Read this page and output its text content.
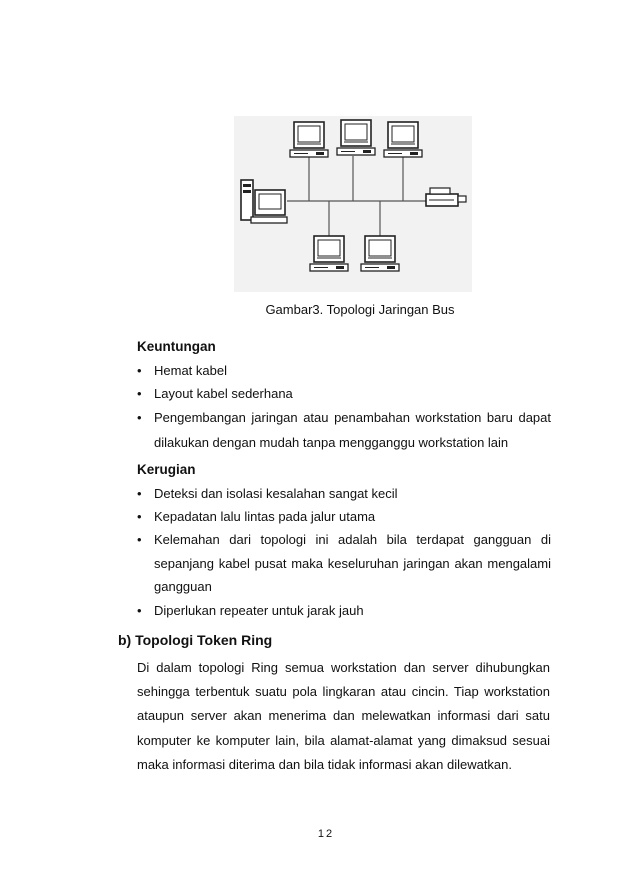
Gambar3. Topologi Jaringan Bus
Keuntungan
• Hemat kabel
• Layout kabel sederhana
• Pengembangan jaringan atau penambahan workstation baru dapat dilakukan dengan mudah tanpa mengganggu workstation lain
Kerugian
• Deteksi dan isolasi kesalahan sangat kecil
• Kepadatan lalu lintas pada jalur utama
• Kelemahan dari topologi ini adalah bila terdapat gangguan di sepanjang kabel pusat maka keseluruhan jaringan akan mengalami gangguan
• Diperlukan repeater untuk jarak jauh
b) Topologi Token Ring
Di dalam topologi Ring semua workstation dan server dihubungkan sehingga terbentuk suatu pola lingkaran atau cincin. Tiap workstation ataupun server akan menerima dan melewatkan informasi dari satu komputer ke komputer lain, bila alamat-alamat yang dimaksud sesuai maka informasi diterima dan bila tidak informasi akan dilewatkan.
12
